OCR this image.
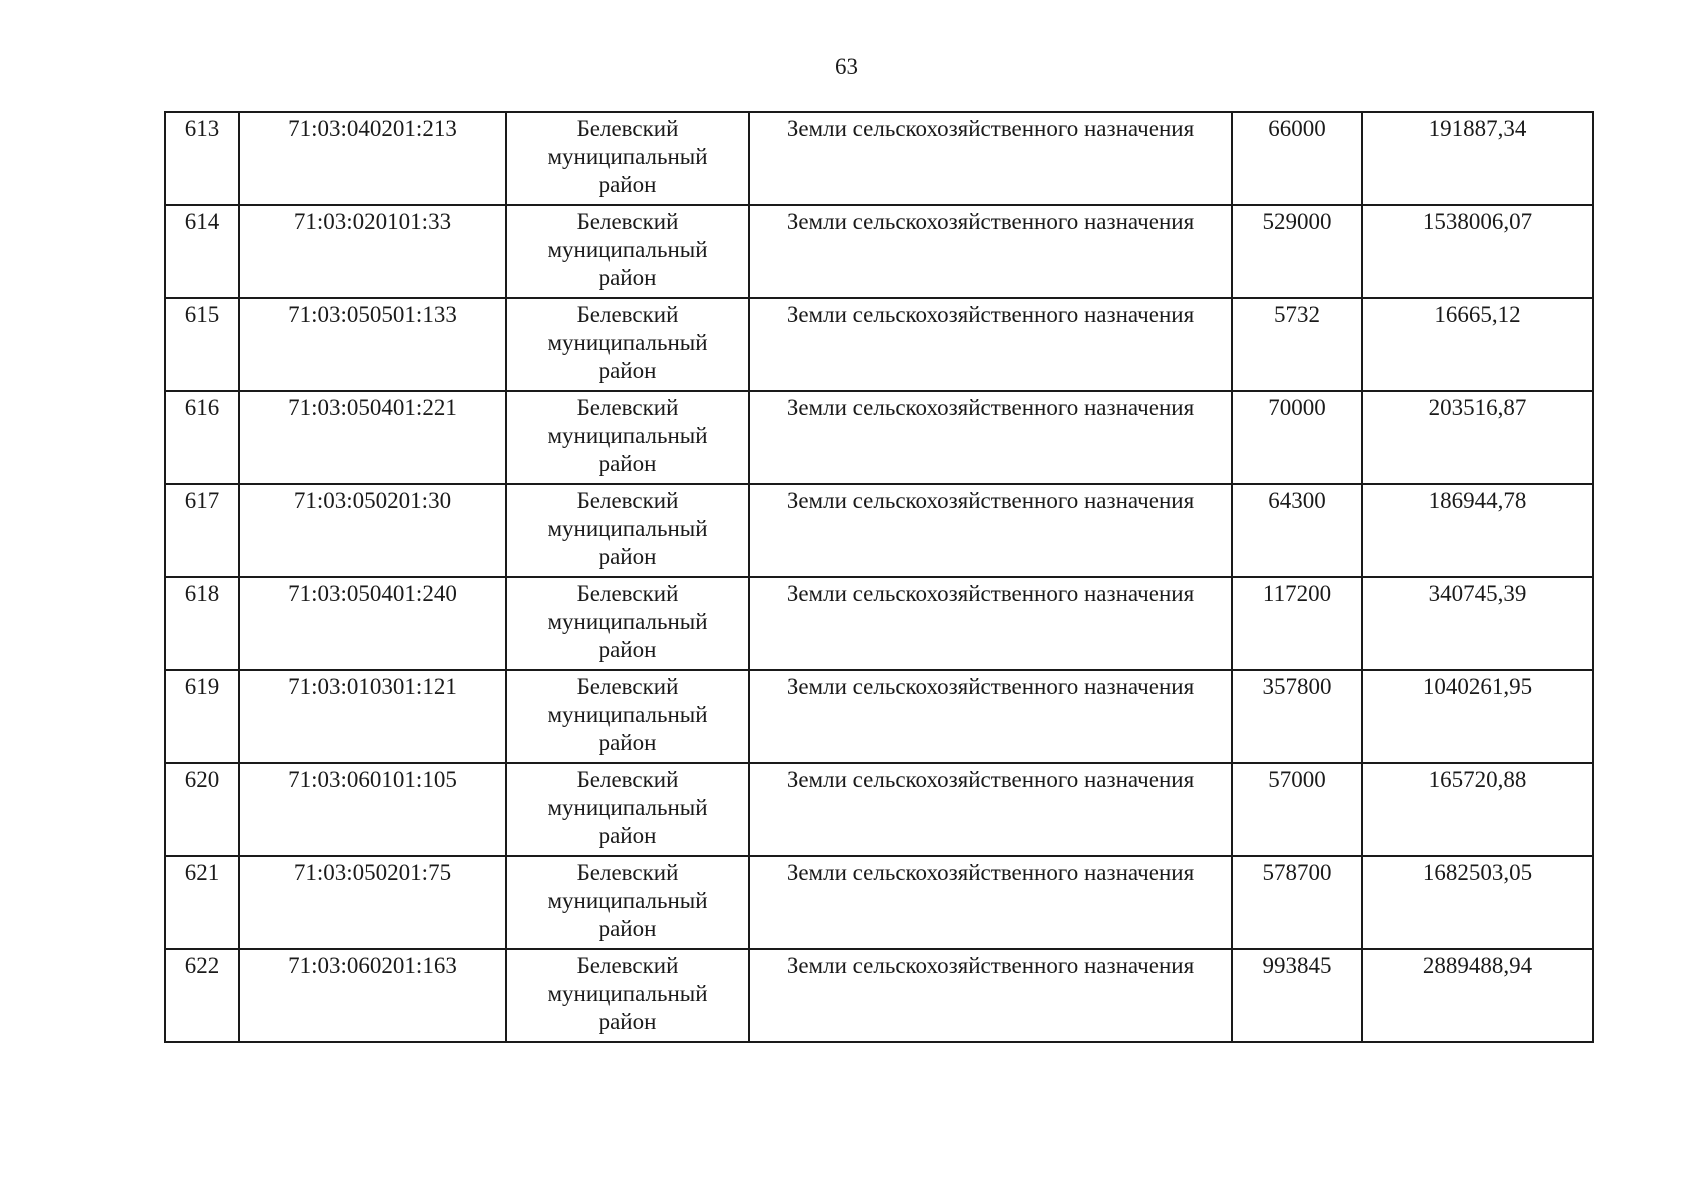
63
613	71:03:040201:213	Белевский
муниципальный
район	Земли сельскохозяйственного назначения	66000	191887,34
614	71:03:020101:33	Белевский
муниципальный
район	Земли сельскохозяйственного назначения	529000	1538006,07
615	71:03:050501:133	Белевский
муниципальный
район	Земли сельскохозяйственного назначения	5732	16665,12
616	71:03:050401:221	Белевский
муниципальный
район	Земли сельскохозяйственного назначения	70000	203516,87
617	71:03:050201:30	Белевский
муниципальный
район	Земли сельскохозяйственного назначения	64300	186944,78
618	71:03:050401:240	Белевский
муниципальный
район	Земли сельскохозяйственного назначения	117200	340745,39
619	71:03:010301:121	Белевский
муниципальный
район	Земли сельскохозяйственного назначения	357800	1040261,95
620	71:03:060101:105	Белевский
муниципальный
район	Земли сельскохозяйственного назначения	57000	165720,88
621	71:03:050201:75	Белевский
муниципальный
район	Земли сельскохозяйственного назначения	578700	1682503,05
622	71:03:060201:163	Белевский
муниципальный
район	Земли сельскохозяйственного назначения	993845	2889488,94
